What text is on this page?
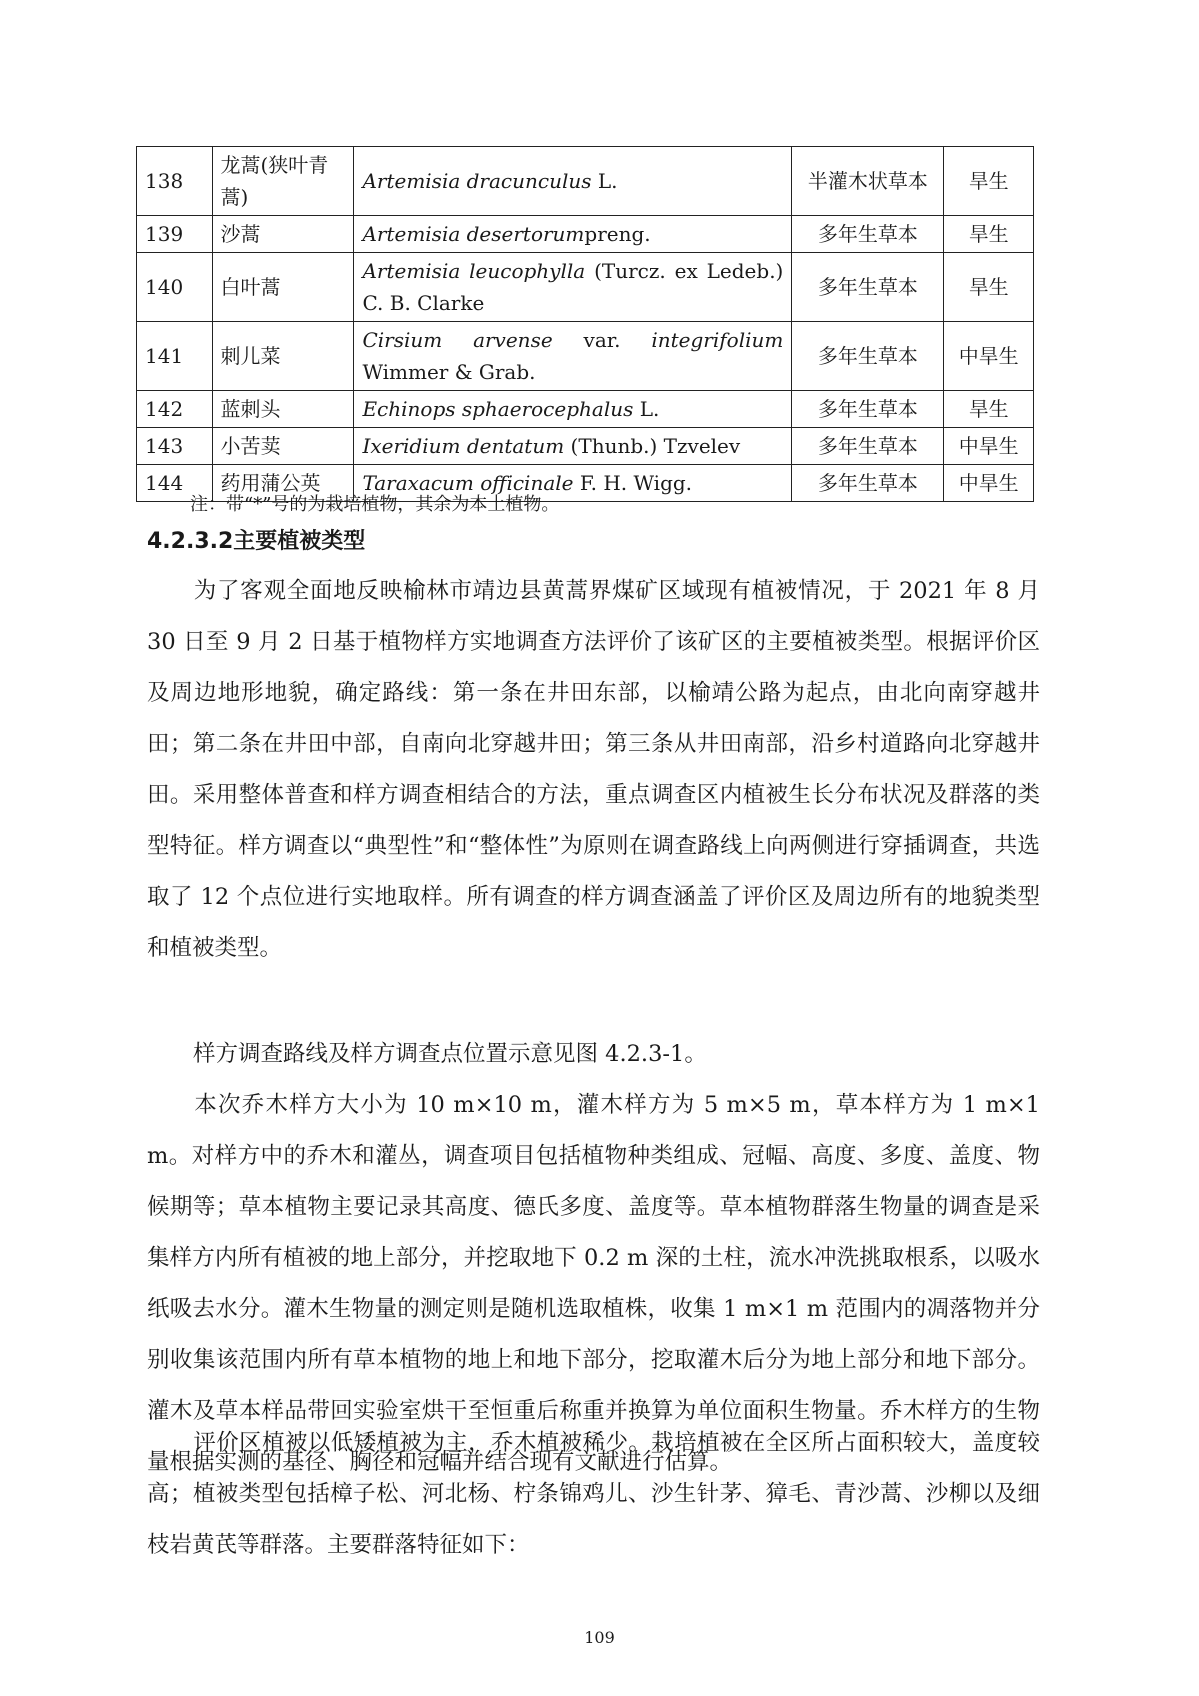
138	龙蒿(狭叶青蒿)	Artemisia dracunculus L.	半灌木状草本	旱生
139	沙蒿	Artemisia desertorumpreng.	多年生草本	旱生
140	白叶蒿	Artemisia leucophylla (Turcz. ex Ledeb.) C. B. Clarke	多年生草本	旱生
141	刺儿菜	Cirsium arvense var. integrifolium Wimmer & Grab.	多年生草本	中旱生
142	蓝刺头	Echinops sphaerocephalus L.	多年生草本	旱生
143	小苦荬	Ixeridium dentatum (Thunb.) Tzvelev	多年生草本	中旱生
144	药用蒲公英	Taraxacum officinale F. H. Wigg.	多年生草本	中旱生
注：带“*”号的为栽培植物，其余为本土植物。
4.2.3.2主要植被类型
为了客观全面地反映榆林市靖边县黄蒿界煤矿区域现有植被情况，于 2021 年 8 月 30 日至 9 月 2 日基于植物样方实地调查方法评价了该矿区的主要植被类型。根据评价区及周边地形地貌，确定路线：第一条在井田东部，以榆靖公路为起点，由北向南穿越井田；第二条在井田中部，自南向北穿越井田；第三条从井田南部，沿乡村道路向北穿越井田。采用整体普查和样方调查相结合的方法，重点调查区内植被生长分布状况及群落的类型特征。样方调查以“典型性”和“整体性”为原则在调查路线上向两侧进行穿插调查，共选取了 12 个点位进行实地取样。所有调查的样方调查涵盖了评价区及周边所有的地貌类型和植被类型。
样方调查路线及样方调查点位置示意见图 4.2.3-1。
本次乔木样方大小为 10 m×10 m，灌木样方为 5 m×5 m，草本样方为 1 m×1 m。对样方中的乔木和灌丛，调查项目包括植物种类组成、冠幅、高度、多度、盖度、物候期等；草本植物主要记录其高度、德氏多度、盖度等。草本植物群落生物量的调查是采集样方内所有植被的地上部分，并挖取地下 0.2 m 深的土柱，流水冲洗挑取根系，以吸水纸吸去水分。灌木生物量的测定则是随机选取植株，收集 1 m×1 m 范围内的凋落物并分别收集该范围内所有草本植物的地上和地下部分，挖取灌木后分为地上部分和地下部分。灌木及草本样品带回实验室烘干至恒重后称重并换算为单位面积生物量。乔木样方的生物量根据实测的基径、胸径和冠幅并结合现有文献进行估算。
评价区植被以低矮植被为主，乔木植被稀少。栽培植被在全区所占面积较大，盖度较高；植被类型包括樟子松、河北杨、柠条锦鸡儿、沙生针茅、獐毛、青沙蒿、沙柳以及细枝岩黄芪等群落。主要群落特征如下：
109
